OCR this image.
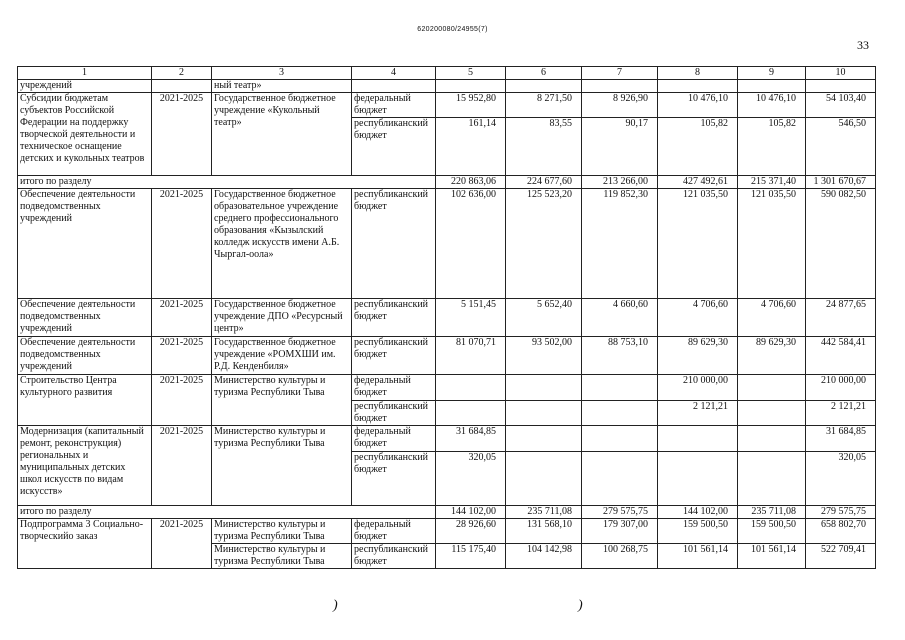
620200080/24955(7)
33
1	2	3	4	5	6	7	8	9	10
учреждений		ный театр»							
Субсидии бюджетам субъектов Российской Федерации на поддержку творческой деятельности и техническое оснащение детских и кукольных театров	2021-2025	Государственное бюджетное учреждение «Кукольный театр»	федеральный бюджет	15 952,80	8 271,50	8 926,90	10 476,10	10 476,10	54 103,40
			республиканский бюджет	161,14	83,55	90,17	105,82	105,82	546,50
итого по разделу				220 863,06	224 677,60	213 266,00	427 492,61	215 371,40	1 301 670,67
Обеспечение деятельности подведомственных учреждений	2021-2025	Государственное бюджетное образовательное учреждение среднего профессионального образования «Кызылский колледж искусств имени А.Б. Чыргал-оола»	республиканский бюджет	102 636,00	125 523,20	119 852,30	121 035,50	121 035,50	590 082,50
Обеспечение деятельности подведомственных учреждений	2021-2025	Государственное бюджетное учреждение ДПО «Ресурсный центр»	республиканский бюджет	5 151,45	5 652,40	4 660,60	4 706,60	4 706,60	24 877,65
Обеспечение деятельности подведомственных учреждений	2021-2025	Государственное бюджетное учреждение «РОМХШИ им. Р.Д. Кенденбиля»	республиканский бюджет	81 070,71	93 502,00	88 753,10	89 629,30	89 629,30	442 584,41
Строительство Центра культурного развития	2021-2025	Министерство культуры и туризма Республики Тыва	федеральный бюджет				210 000,00		210 000,00
			республиканский бюджет				2 121,21		2 121,21
Модернизация (капитальный ремонт, реконструкция) региональных и муниципальных детских школ искусств по видам искусств»	2021-2025	Министерство культуры и туризма Республики Тыва	федеральный бюджет	31 684,85					31 684,85
			республиканский бюджет	320,05					320,05
итого по разделу				144 102,00	235 711,08	279 575,75	144 102,00	235 711,08	279 575,75
Подпрограмма 3 Социально-творческийо заказ	2021-2025	Министерство культуры и туризма Республики Тыва	федеральный бюджет	28 926,60	131 568,10	179 307,00	159 500,50	159 500,50	658 802,70
		Министерство культуры и туризма Республики Тыва	республиканский бюджет	115 175,40	104 142,98	100 268,75	101 561,14	101 561,14	522 709,41
)	)
